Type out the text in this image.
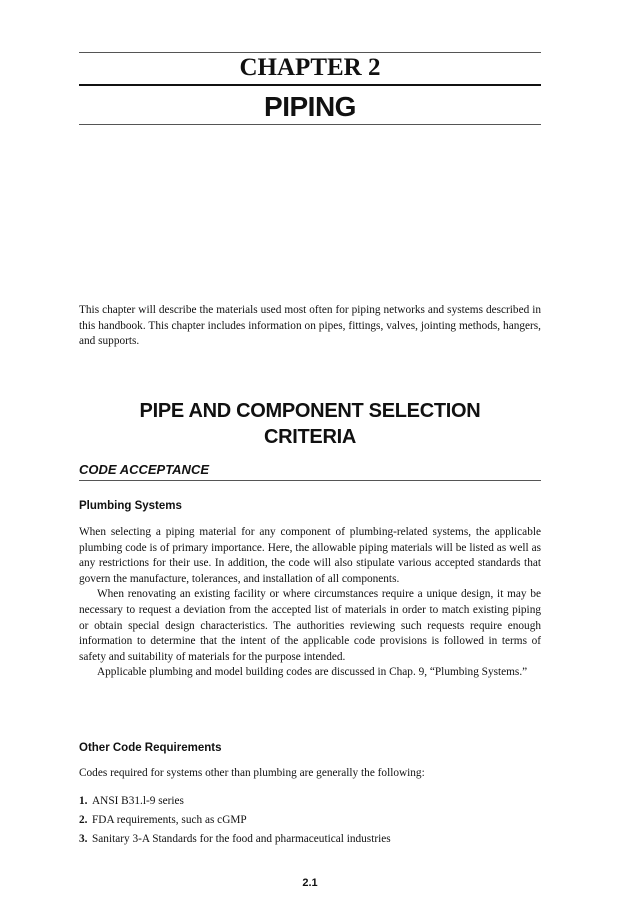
CHAPTER 2
PIPING

This chapter will describe the materials used most often for piping networks and systems described in this handbook. This chapter includes information on pipes, fittings, valves, jointing methods, hangers, and supports.

PIPE AND COMPONENT SELECTION
CRITERIA
CODE ACCEPTANCE
Plumbing Systems

When selecting a piping material for any component of plumbing-related systems, the applicable plumbing code is of primary importance. Here, the allowable piping materials will be listed as well as any restrictions for their use. In addition, the code will also stipulate various accepted standards that govern the manufacture, tolerances, and installation of all components.

When renovating an existing facility or where circumstances require a unique design, it may be necessary to request a deviation from the accepted list of materials in order to match existing piping or obtain special design characteristics. The authorities reviewing such requests require enough information to determine that the intent of the applicable code provisions is followed in terms of safety and suitability of materials for the purpose intended.

Applicable plumbing and model building codes are discussed in Chap. 9, “Plumbing Systems.”

Other Code Requirements

Codes required for systems other than plumbing are generally the following:

1. ANSI B31.l-9 series
2. FDA requirements, such as cGMP
3. Sanitary 3-A Standards for the food and pharmaceutical industries
2.1
